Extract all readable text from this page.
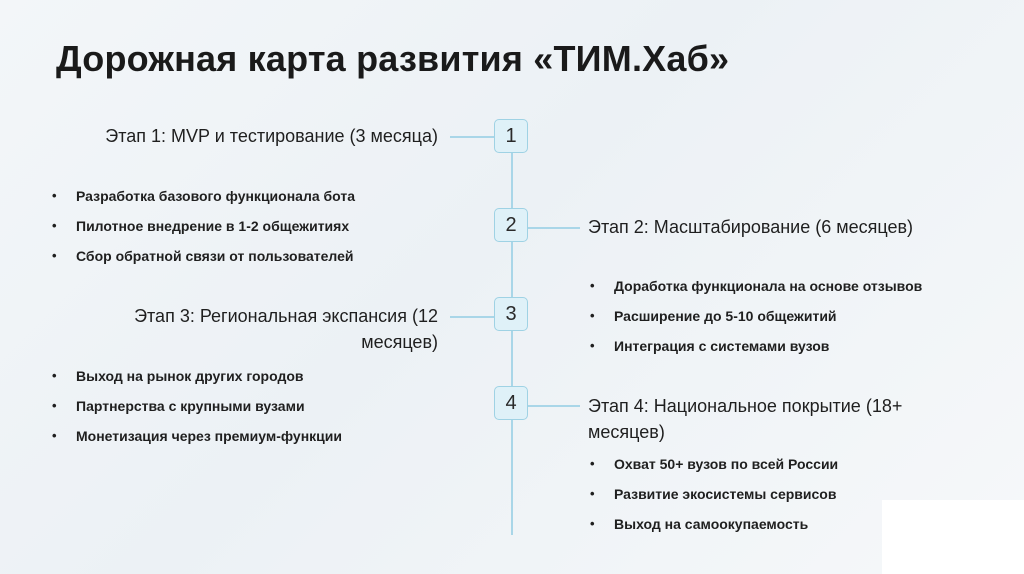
Дорожная карта развития «ТИМ.Хаб»
1
2
3
4
Этап 1: MVP и тестирование (3 месяца)
• Разработка базового функционала бота
• Пилотное внедрение в 1-2 общежитиях
• Сбор обратной связи от пользователей
Этап 2: Масштабирование (6 месяцев)
• Доработка функционала на основе отзывов
• Расширение до 5-10 общежитий
• Интеграция с системами вузов
Этап 3: Региональная экспансия (12 месяцев)
• Выход на рынок других городов
• Партнерства с крупными вузами
• Монетизация через премиум-функции
Этап 4: Национальное покрытие (18+ месяцев)
• Охват 50+ вузов по всей России
• Развитие экосистемы сервисов
• Выход на самоокупаемость
